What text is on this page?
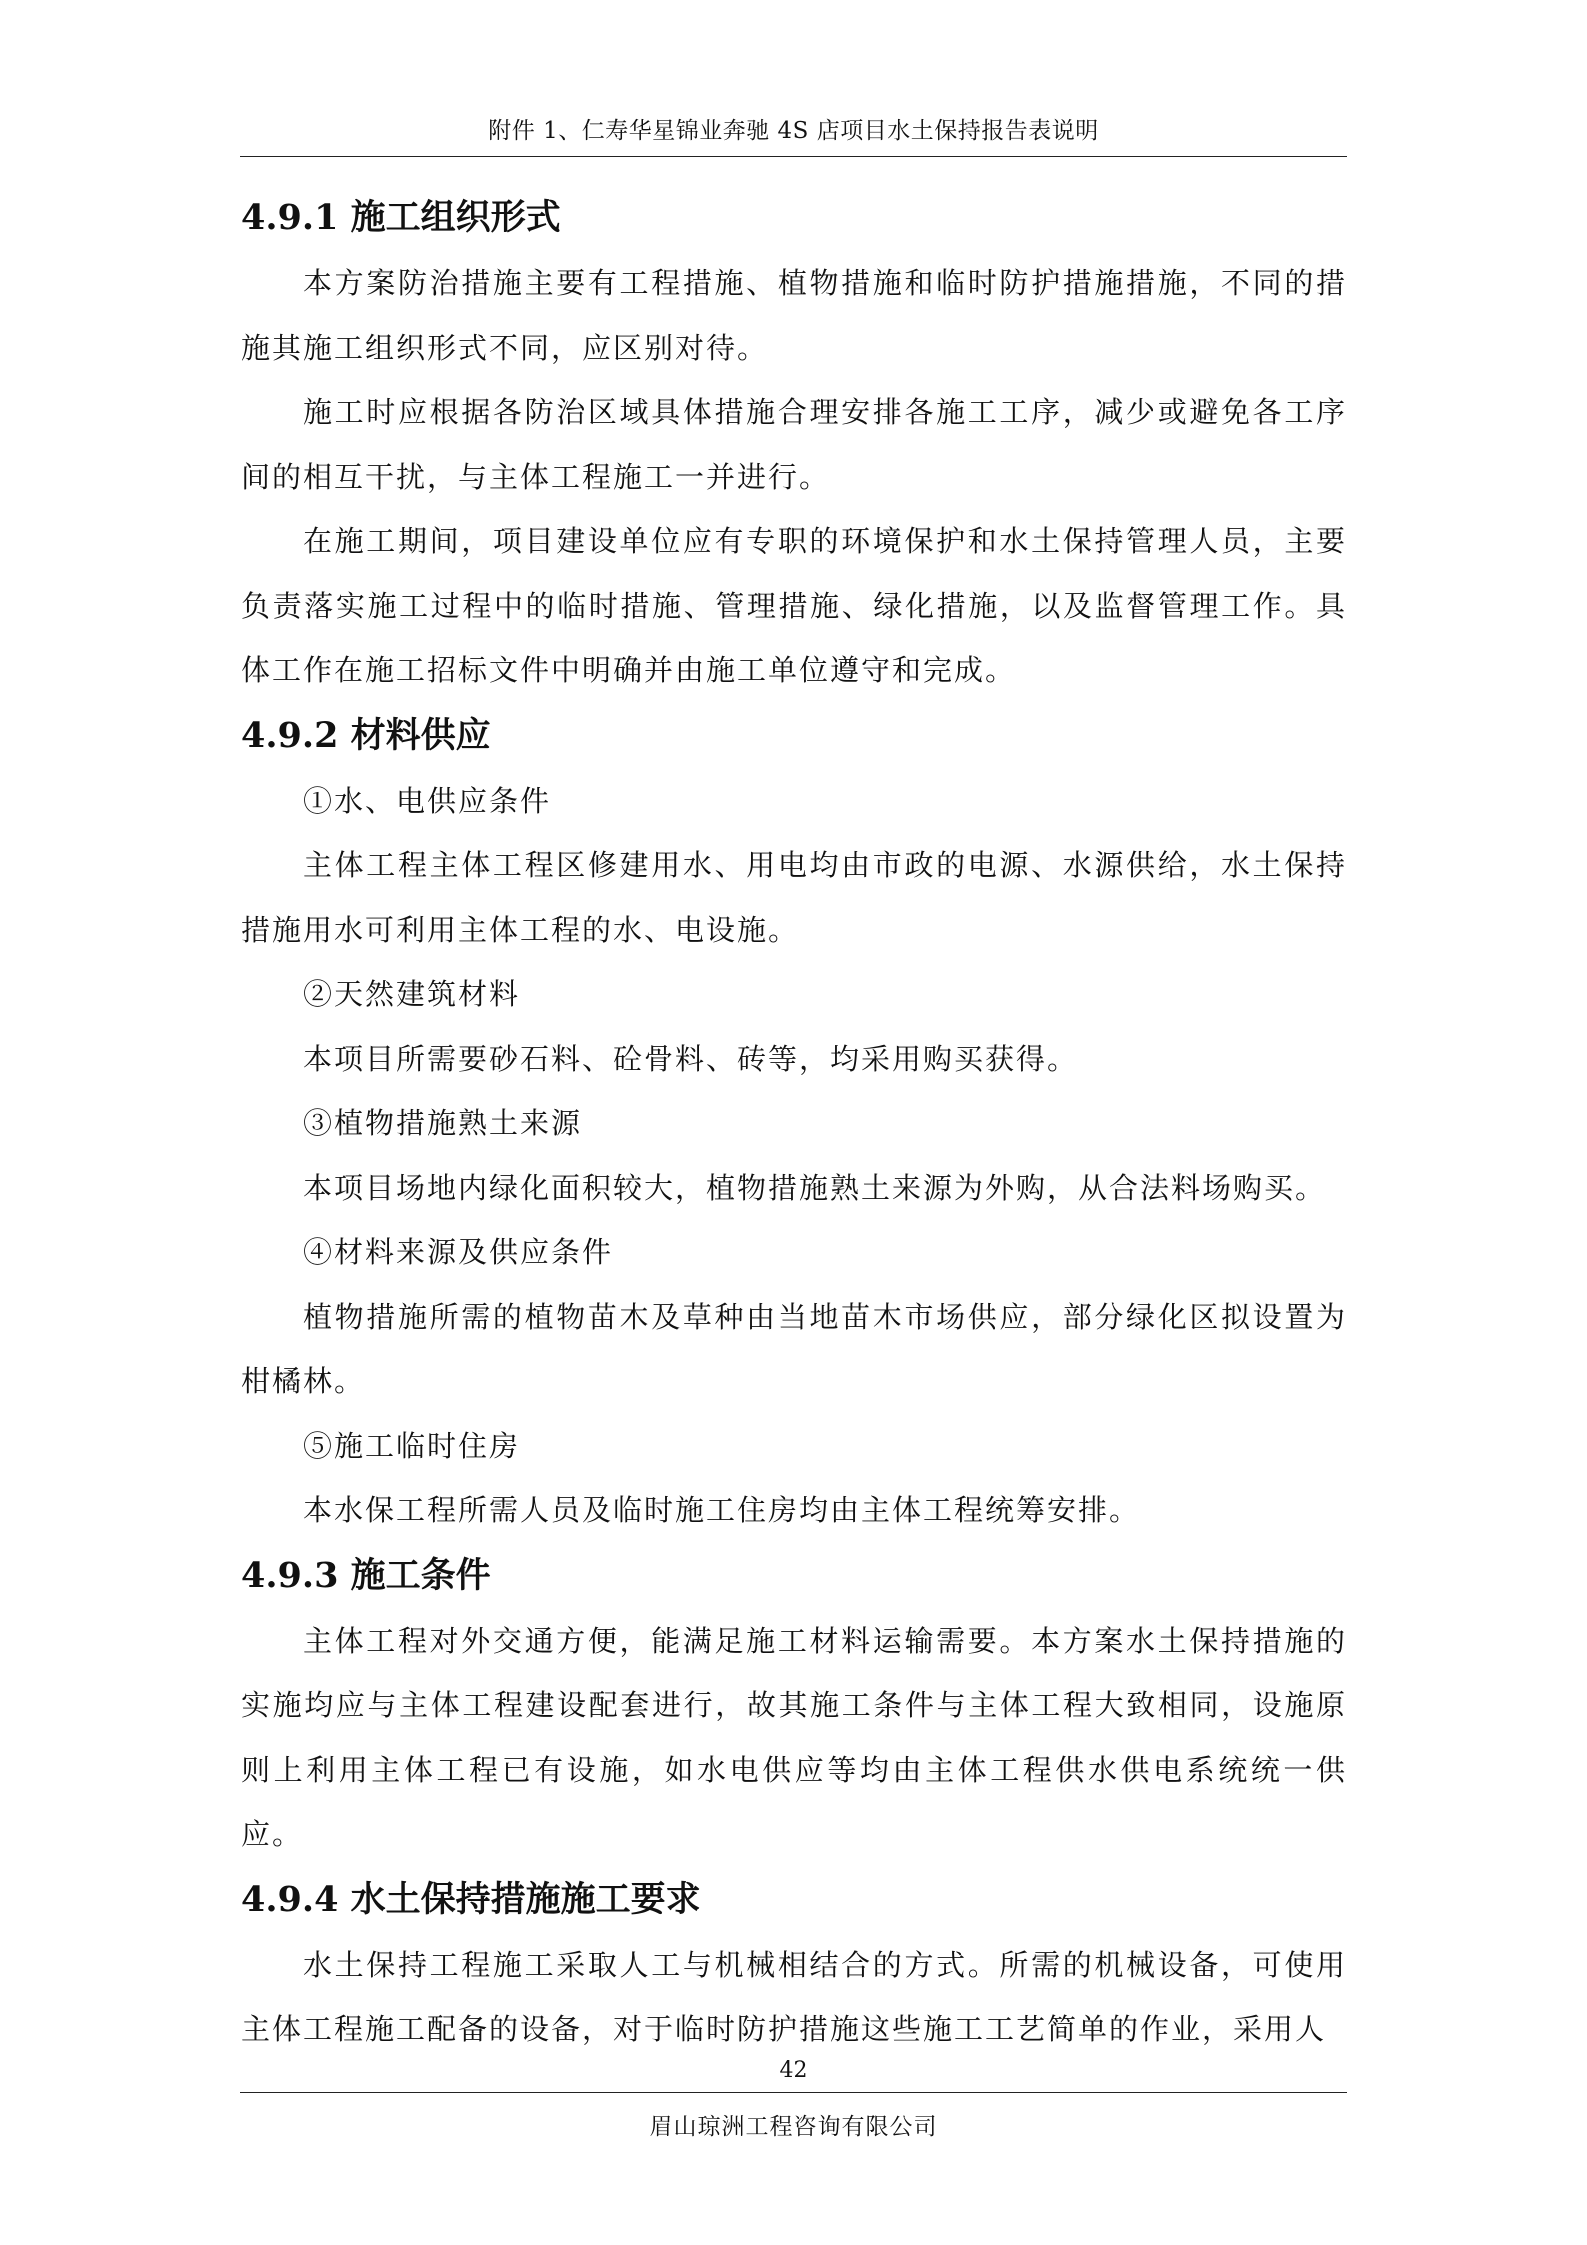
附件 1、仁寿华星锦业奔驰 4S 店项目水土保持报告表说明
4.9.1 施工组织形式

本方案防治措施主要有工程措施、植物措施和临时防护措施措施，不同的措施其施工组织形式不同，应区别对待。

施工时应根据各防治区域具体措施合理安排各施工工序，减少或避免各工序间的相互干扰，与主体工程施工一并进行。

在施工期间，项目建设单位应有专职的环境保护和水土保持管理人员，主要负责落实施工过程中的临时措施、管理措施、绿化措施，以及监督管理工作。具体工作在施工招标文件中明确并由施工单位遵守和完成。

4.9.2 材料供应
①水、电供应条件

主体工程主体工程区修建用水、用电均由市政的电源、水源供给，水土保持措施用水可利用主体工程的水、电设施。

②天然建筑材料

本项目所需要砂石料、砼骨料、砖等，均采用购买获得。

③植物措施熟土来源

本项目场地内绿化面积较大，植物措施熟土来源为外购，从合法料场购买。

④材料来源及供应条件

植物措施所需的植物苗木及草种由当地苗木市场供应，部分绿化区拟设置为柑橘林。

⑤施工临时住房

本水保工程所需人员及临时施工住房均由主体工程统筹安排。

4.9.3 施工条件

主体工程对外交通方便，能满足施工材料运输需要。本方案水土保持措施的实施均应与主体工程建设配套进行，故其施工条件与主体工程大致相同，设施原则上利用主体工程已有设施，如水电供应等均由主体工程供水供电系统统一供应。

4.9.4 水土保持措施施工要求

水土保持工程施工采取人工与机械相结合的方式。所需的机械设备，可使用主体工程施工配备的设备，对于临时防护措施这些施工工艺简单的作业，采用人

42
眉山琼洲工程咨询有限公司
